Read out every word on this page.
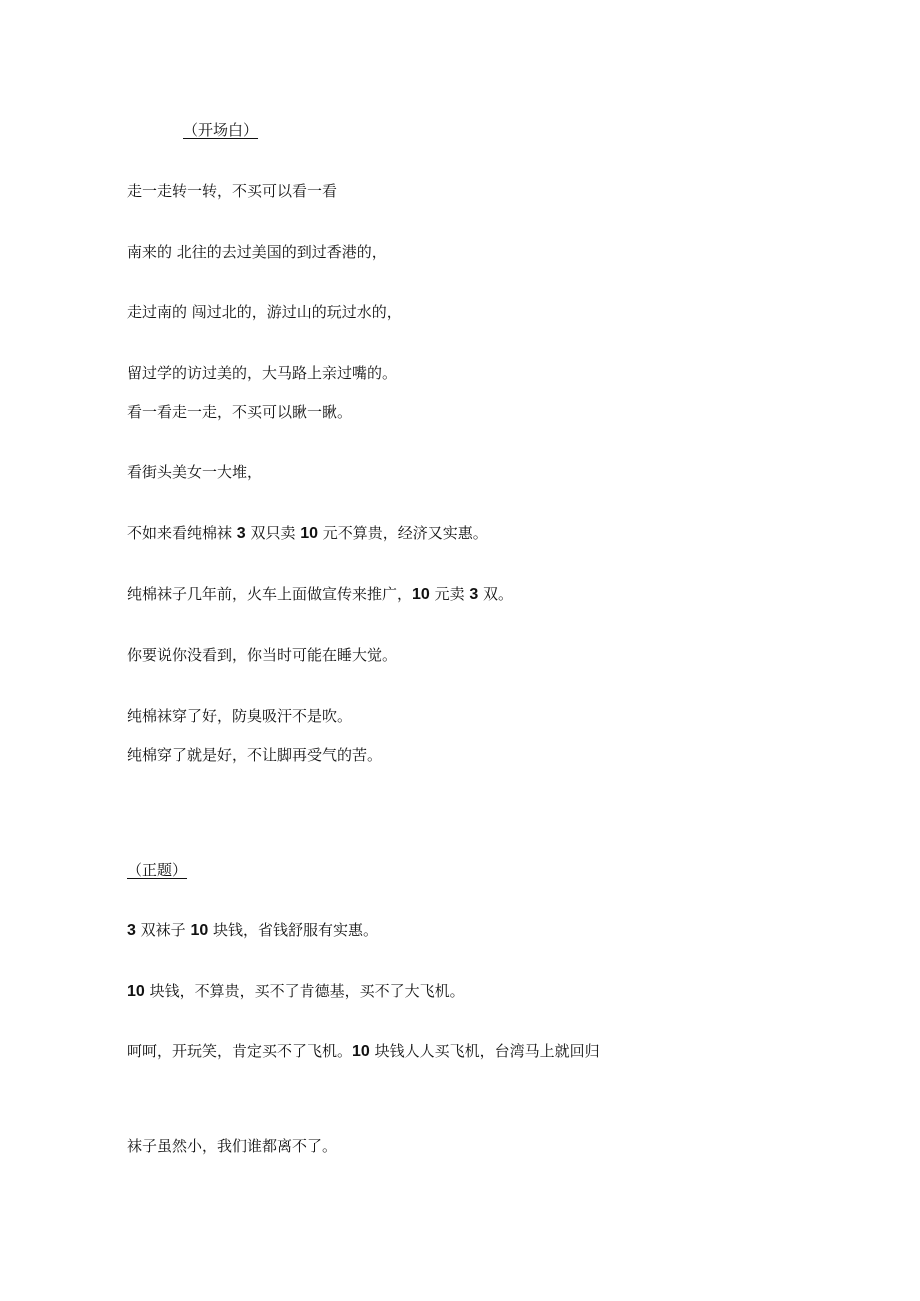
（开场白）
走一走转一转，不买可以看一看
南来的 北往的去过美国的到过香港的，
走过南的 闯过北的，游过山的玩过水的，
留过学的访过美的，大马路上亲过嘴的。
看一看走一走，不买可以瞅一瞅。
看街头美女一大堆，
不如来看纯棉袜 3 双只卖 10 元不算贵，经济又实惠。
纯棉袜子几年前，火车上面做宣传来推广，10 元卖 3 双。
你要说你没看到，你当时可能在睡大觉。
纯棉袜穿了好，防臭吸汗不是吹。
纯棉穿了就是好，不让脚再受气的苦。
（正题）
3 双袜子 10 块钱，省钱舒服有实惠。
10 块钱，不算贵，买不了肯德基，买不了大飞机。
呵呵，开玩笑，肯定买不了飞机。10 块钱人人买飞机，台湾马上就回归
袜子虽然小，我们谁都离不了。
